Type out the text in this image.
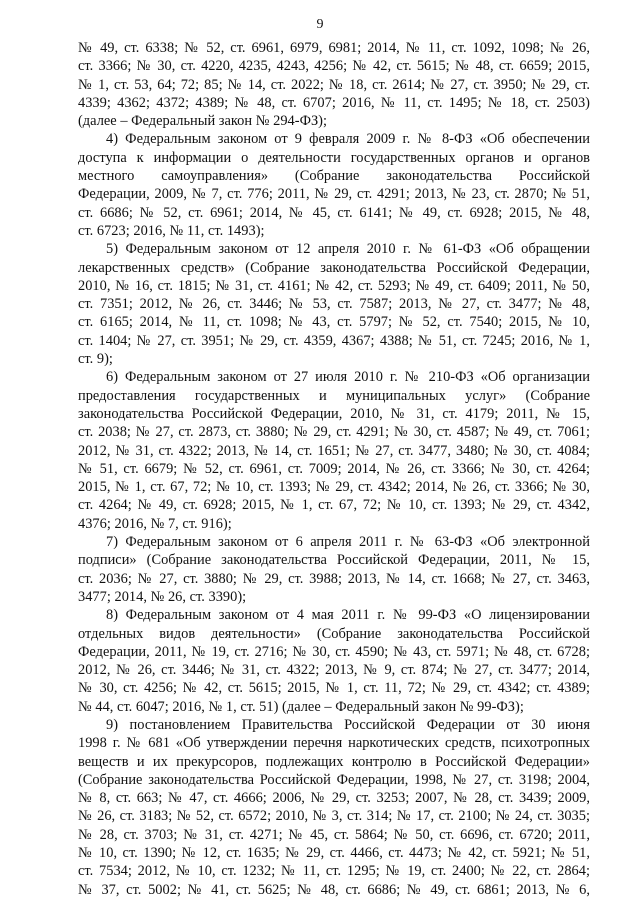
9
№ 49, ст. 6338; № 52, ст. 6961, 6979, 6981; 2014, № 11, ст. 1092, 1098; № 26,
ст. 3366; № 30, ст. 4220, 4235, 4243, 4256; № 42, ст. 5615; № 48, ст. 6659; 2015,
№ 1, ст. 53, 64; 72; 85; № 14, ст. 2022; № 18, ст. 2614; № 27, ст. 3950; № 29, ст.
4339; 4362; 4372; 4389; № 48, ст. 6707; 2016, № 11, ст. 1495; № 18, ст. 2503)
(далее – Федеральный закон № 294-ФЗ);
4) Федеральным законом от 9 февраля 2009 г. № 8-ФЗ «Об обеспечении
доступа к информации о деятельности государственных органов и органов
местного самоуправления» (Собрание законодательства Российской
Федерации, 2009, № 7, ст. 776; 2011, № 29, ст. 4291; 2013, № 23, ст. 2870; № 51,
ст. 6686; № 52, ст. 6961; 2014, № 45, ст. 6141; № 49, ст. 6928; 2015, № 48,
ст. 6723; 2016, № 11, ст. 1493);
5) Федеральным законом от 12 апреля 2010 г. № 61-ФЗ «Об обращении
лекарственных средств» (Собрание законодательства Российской Федерации,
2010, № 16, ст. 1815; № 31, ст. 4161; № 42, ст. 5293; № 49, ст. 6409; 2011, № 50,
ст. 7351; 2012, № 26, ст. 3446; № 53, ст. 7587; 2013, № 27, ст. 3477; № 48,
ст. 6165; 2014, № 11, ст. 1098; № 43, ст. 5797; № 52, ст. 7540; 2015, № 10,
ст. 1404; № 27, ст. 3951; № 29, ст. 4359, 4367; 4388; № 51, ст. 7245; 2016, № 1,
ст. 9);
6) Федеральным законом от 27 июля 2010 г. № 210-ФЗ «Об организации
предоставления государственных и муниципальных услуг» (Собрание
законодательства Российской Федерации, 2010, № 31, ст. 4179; 2011, № 15,
ст. 2038; № 27, ст. 2873, ст. 3880; № 29, ст. 4291; № 30, ст. 4587; № 49, ст. 7061;
2012, № 31, ст. 4322; 2013, № 14, ст. 1651; № 27, ст. 3477, 3480; № 30, ст. 4084;
№ 51, ст. 6679; № 52, ст. 6961, ст. 7009; 2014, № 26, ст. 3366; № 30, ст. 4264;
2015, № 1, ст. 67, 72; № 10, ст. 1393; № 29, ст. 4342; 2014, № 26, ст. 3366; № 30,
ст. 4264; № 49, ст. 6928; 2015, № 1, ст. 67, 72; № 10, ст. 1393; № 29, ст. 4342,
4376; 2016, № 7, ст. 916);
7) Федеральным законом от 6 апреля 2011 г. № 63-ФЗ «Об электронной
подписи» (Собрание законодательства Российской Федерации, 2011, № 15,
ст. 2036; № 27, ст. 3880; № 29, ст. 3988; 2013, № 14, ст. 1668; № 27, ст. 3463,
3477; 2014, № 26, ст. 3390);
8) Федеральным законом от 4 мая 2011 г. № 99-ФЗ «О лицензировании
отдельных видов деятельности» (Собрание законодательства Российской
Федерации, 2011, № 19, ст. 2716; № 30, ст. 4590; № 43, ст. 5971; № 48, ст. 6728;
2012, № 26, ст. 3446; № 31, ст. 4322; 2013, № 9, ст. 874; № 27, ст. 3477; 2014,
№ 30, ст. 4256; № 42, ст. 5615; 2015, № 1, ст. 11, 72; № 29, ст. 4342; ст. 4389;
№ 44, ст. 6047; 2016, № 1, ст. 51) (далее – Федеральный закон № 99-ФЗ);
9) постановлением Правительства Российской Федерации от 30 июня
1998 г. № 681 «Об утверждении перечня наркотических средств, психотропных
веществ и их прекурсоров, подлежащих контролю в Российской Федерации»
(Собрание законодательства Российской Федерации, 1998, № 27, ст. 3198; 2004,
№ 8, ст. 663; № 47, ст. 4666; 2006, № 29, ст. 3253; 2007, № 28, ст. 3439; 2009,
№ 26, ст. 3183; № 52, ст. 6572; 2010, № 3, ст. 314; № 17, ст. 2100; № 24, ст. 3035;
№ 28, ст. 3703; № 31, ст. 4271; № 45, ст. 5864; № 50, ст. 6696, ст. 6720; 2011,
№ 10, ст. 1390; № 12, ст. 1635; № 29, ст. 4466, ст. 4473; № 42, ст. 5921; № 51,
ст. 7534; 2012, № 10, ст. 1232; № 11, ст. 1295; № 19, ст. 2400; № 22, ст. 2864;
№ 37, ст. 5002; № 41, ст. 5625; № 48, ст. 6686; № 49, ст. 6861; 2013, № 6,
